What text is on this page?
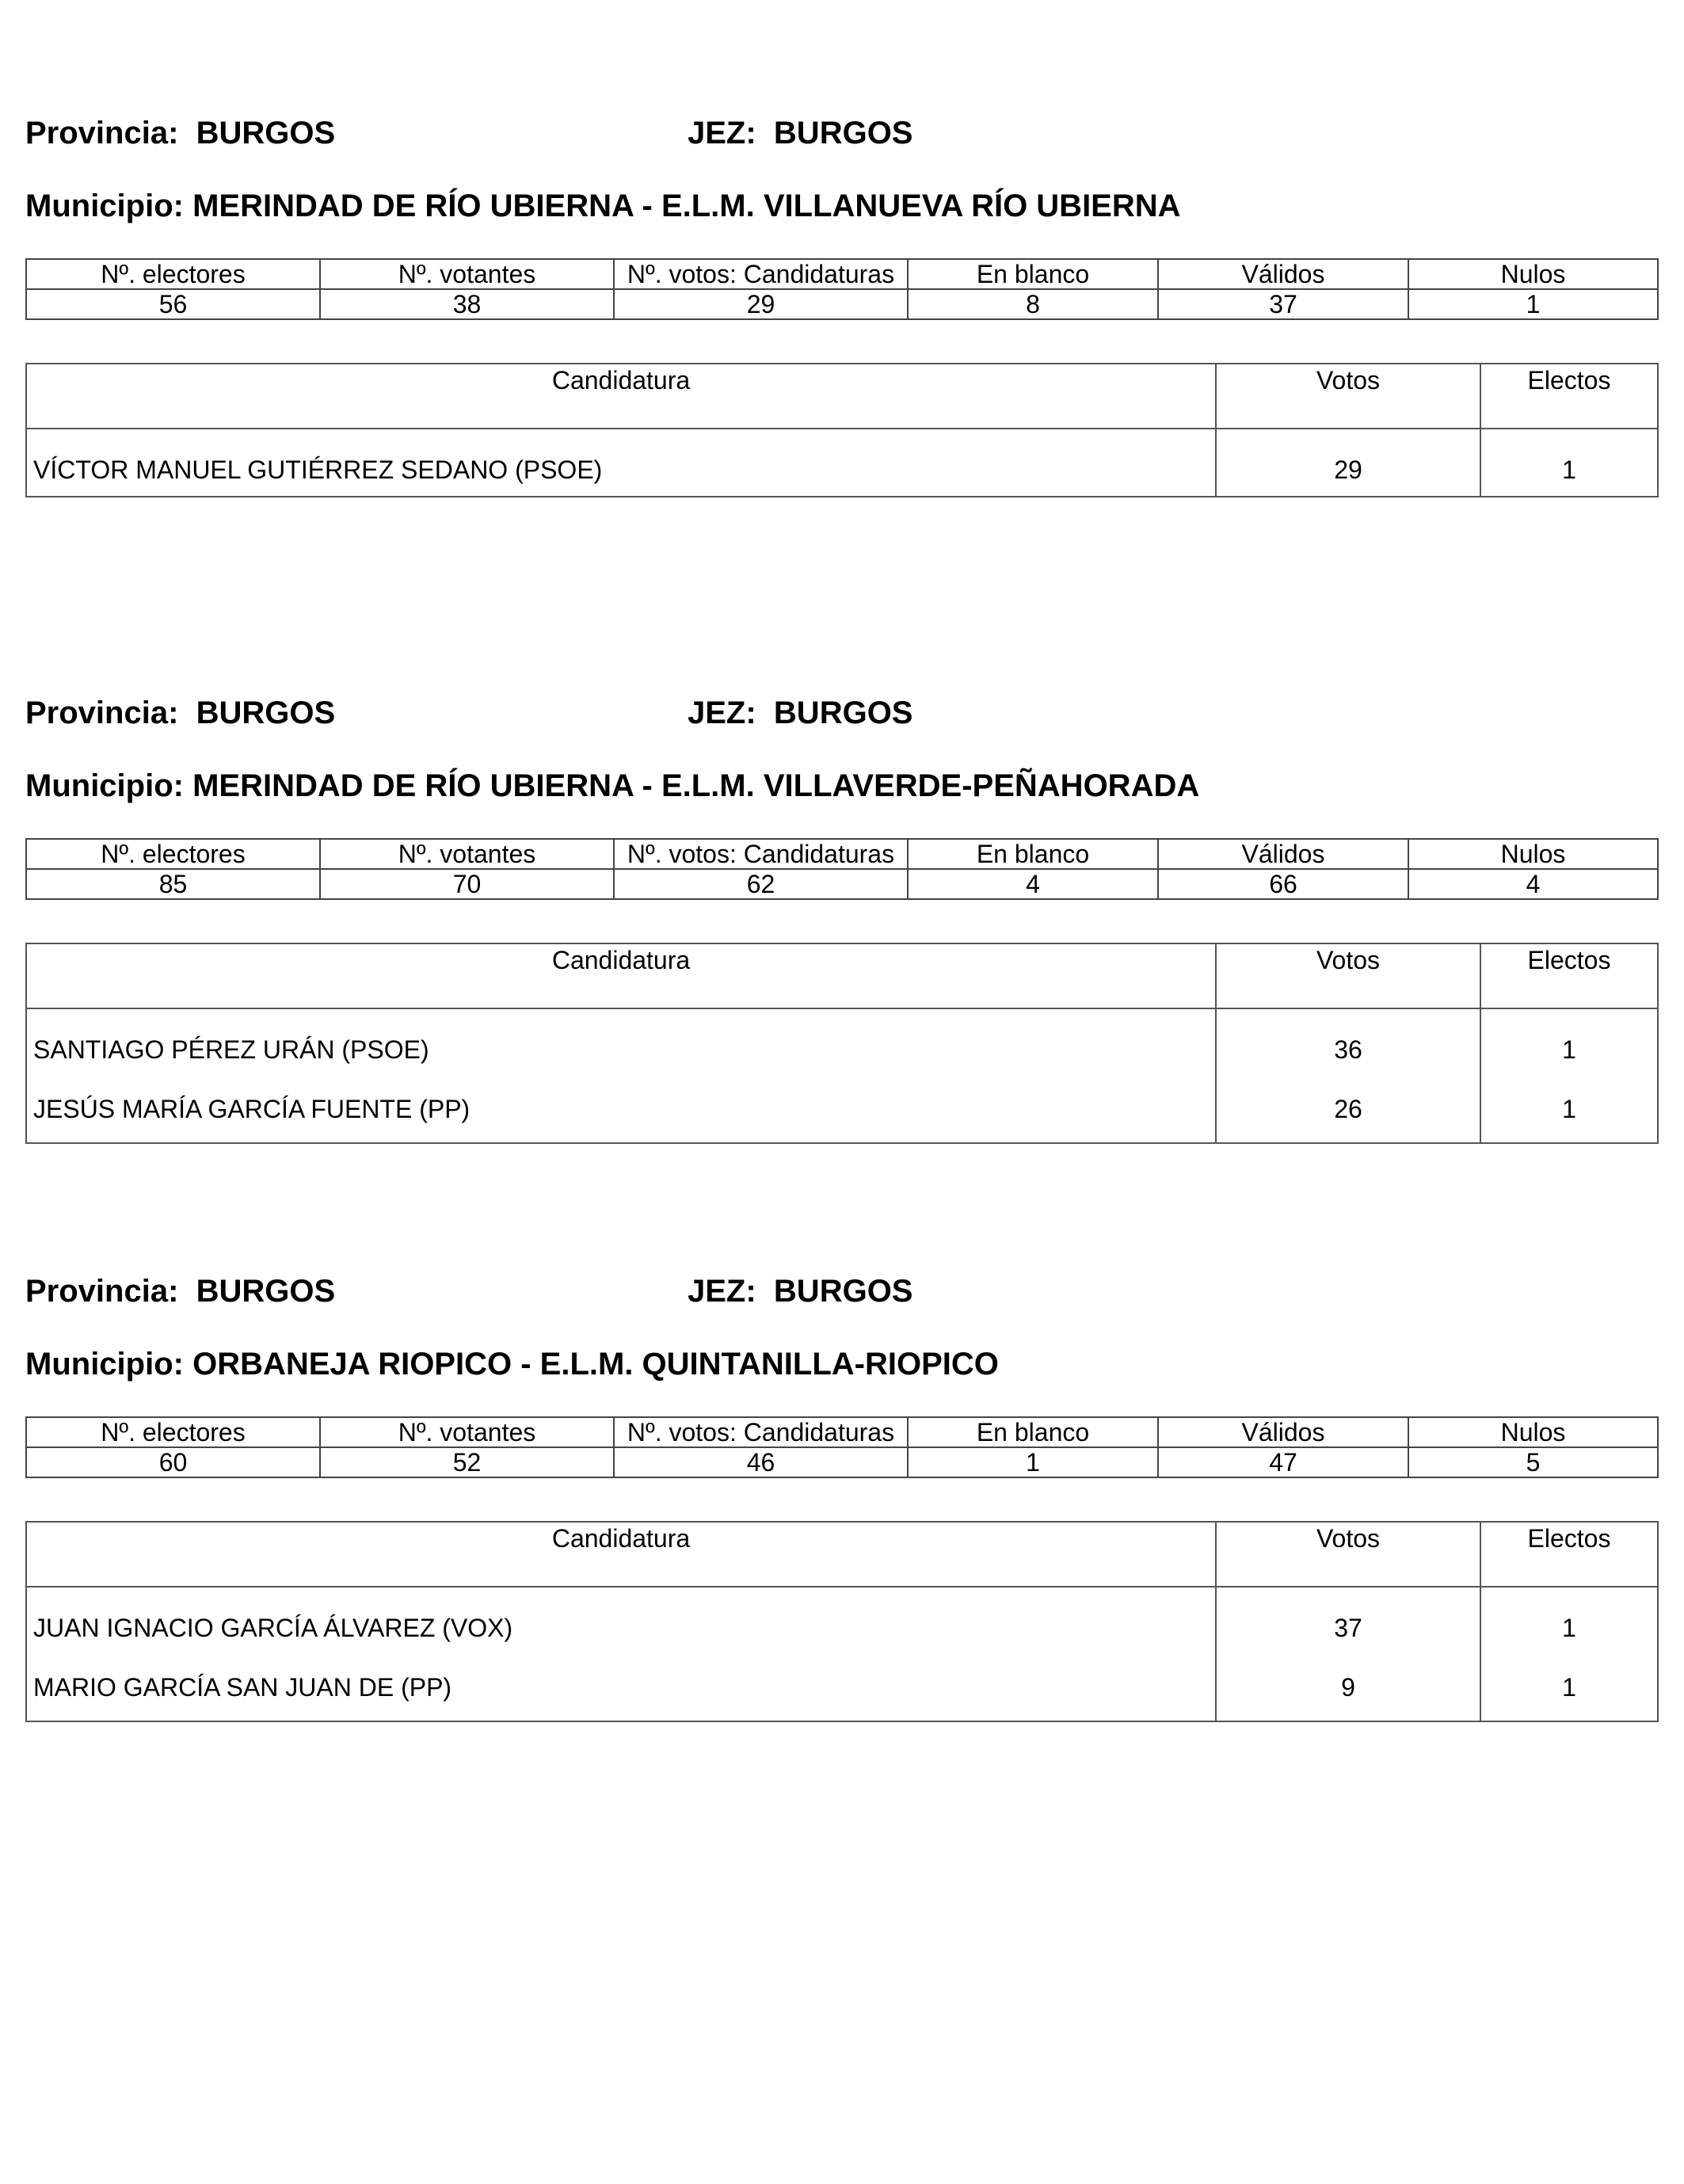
Provincia: BURGOS	JEZ: BURGOS
Municipio: MERINDAD DE RÍO UBIERNA - E.L.M. VILLANUEVA RÍO UBIERNA
Nº. electores	Nº. votantes	Nº. votos: Candidaturas	En blanco	Válidos	Nulos
56	38	29	8	37	1
Candidatura	Votos	Electos
VÍCTOR MANUEL GUTIÉRREZ SEDANO (PSOE)	29	1
Provincia: BURGOS	JEZ: BURGOS
Municipio: MERINDAD DE RÍO UBIERNA - E.L.M. VILLAVERDE-PEÑAHORADA
Nº. electores	Nº. votantes	Nº. votos: Candidaturas	En blanco	Válidos	Nulos
85	70	62	4	66	4
Candidatura	Votos	Electos
SANTIAGO PÉREZ URÁN (PSOE)	36	1
JESÚS MARÍA GARCÍA FUENTE (PP)	26	1
Provincia: BURGOS	JEZ: BURGOS
Municipio: ORBANEJA RIOPICO - E.L.M. QUINTANILLA-RIOPICO
Nº. electores	Nº. votantes	Nº. votos: Candidaturas	En blanco	Válidos	Nulos
60	52	46	1	47	5
Candidatura	Votos	Electos
JUAN IGNACIO GARCÍA ÁLVAREZ (VOX)	37	1
MARIO GARCÍA SAN JUAN DE (PP)	9	1
